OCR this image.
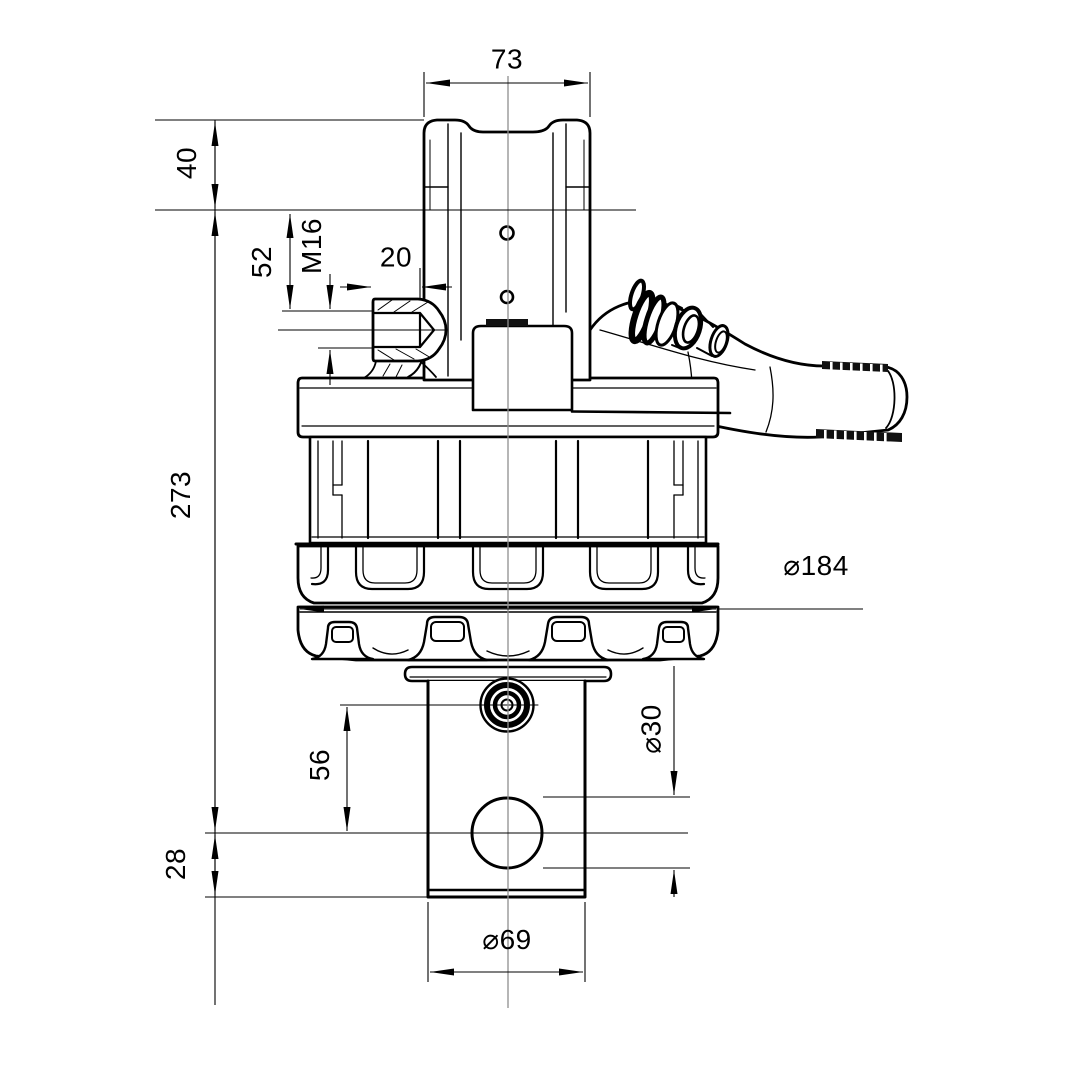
73
40
52 M16 20
273
⌀184
⌀30
56
28
⌀69
